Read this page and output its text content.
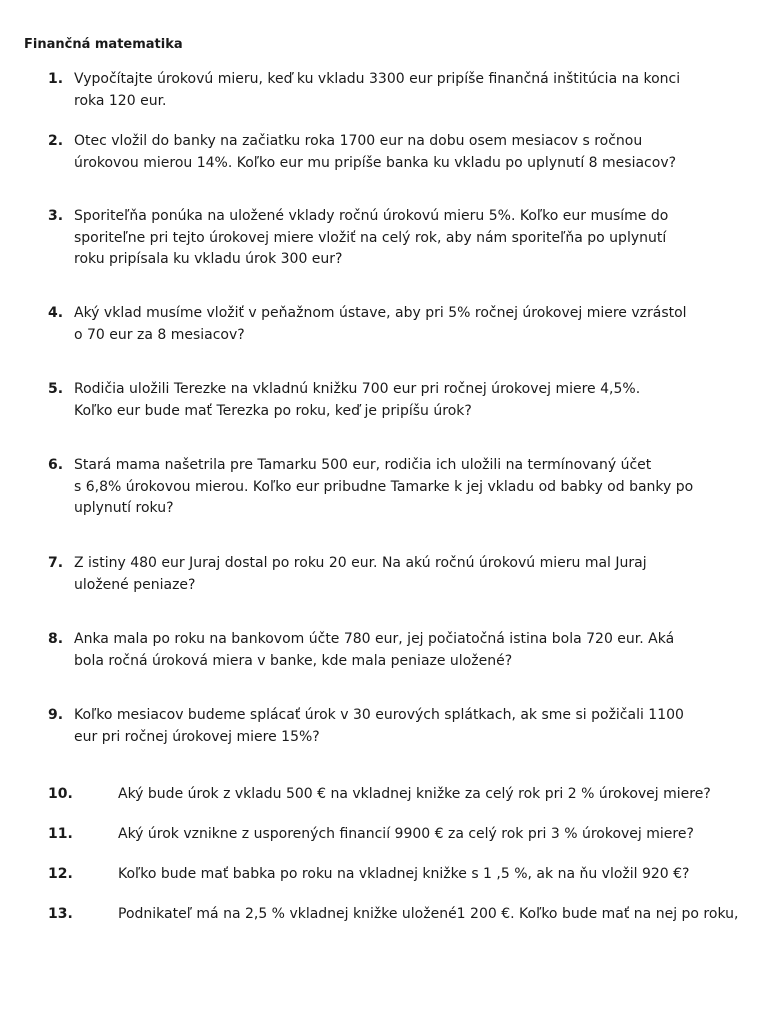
Finančná matematika
1. Vypočítajte úrokovú mieru, keď ku vkladu 3300 eur pripíše finančná inštitúcia na konci
roka 120 eur.
2. Otec vložil do banky na začiatku roka 1700 eur na dobu osem mesiacov s ročnou
úrokovou mierou 14%. Koľko eur mu pripíše banka ku vkladu po uplynutí 8 mesiacov?
3. Sporiteľňa ponúka na uložené vklady ročnú úrokovú mieru 5%. Koľko eur musíme do
sporiteľne pri tejto úrokovej miere vložiť na celý rok, aby nám sporiteľňa po uplynutí
roku pripísala ku vkladu úrok 300 eur?
4. Aký vklad musíme vložiť v peňažnom ústave, aby pri 5% ročnej úrokovej miere vzrástol
o 70 eur za 8 mesiacov?
5. Rodičia uložili Terezke na vkladnú knižku 700 eur pri ročnej úrokovej miere 4,5%.
Koľko eur bude mať Terezka po roku, keď je pripíšu úrok?
6. Stará mama našetrila pre Tamarku 500 eur, rodičia ich uložili na termínovaný účet
s 6,8% úrokovou mierou. Koľko eur pribudne Tamarke k jej vkladu od babky od banky po
uplynutí roku?
7. Z istiny 480 eur Juraj dostal po roku 20 eur. Na akú ročnú úrokovú mieru mal Juraj
uložené peniaze?
8. Anka mala po roku na bankovom účte 780 eur, jej počiatočná istina bola 720 eur. Aká
bola ročná úroková miera v banke, kde mala peniaze uložené?
9. Koľko mesiacov budeme splácať úrok v 30 eurových splátkach, ak sme si požičali 1100
eur pri ročnej úrokovej miere 15%?
10.	Aký bude úrok z vkladu 500 € na vkladnej knižke za celý rok pri 2 % úrokovej miere?
11.	Aký úrok vznikne z usporených financií 9900 € za celý rok pri 3 % úrokovej miere?
12.	Koľko bude mať babka po roku na vkladnej knižke s 1 ,5 %, ak na ňu vložil 920 €?
13.	Podnikateľ má na 2,5 % vkladnej knižke uložené1 200 €. Koľko bude mať na nej po roku,
